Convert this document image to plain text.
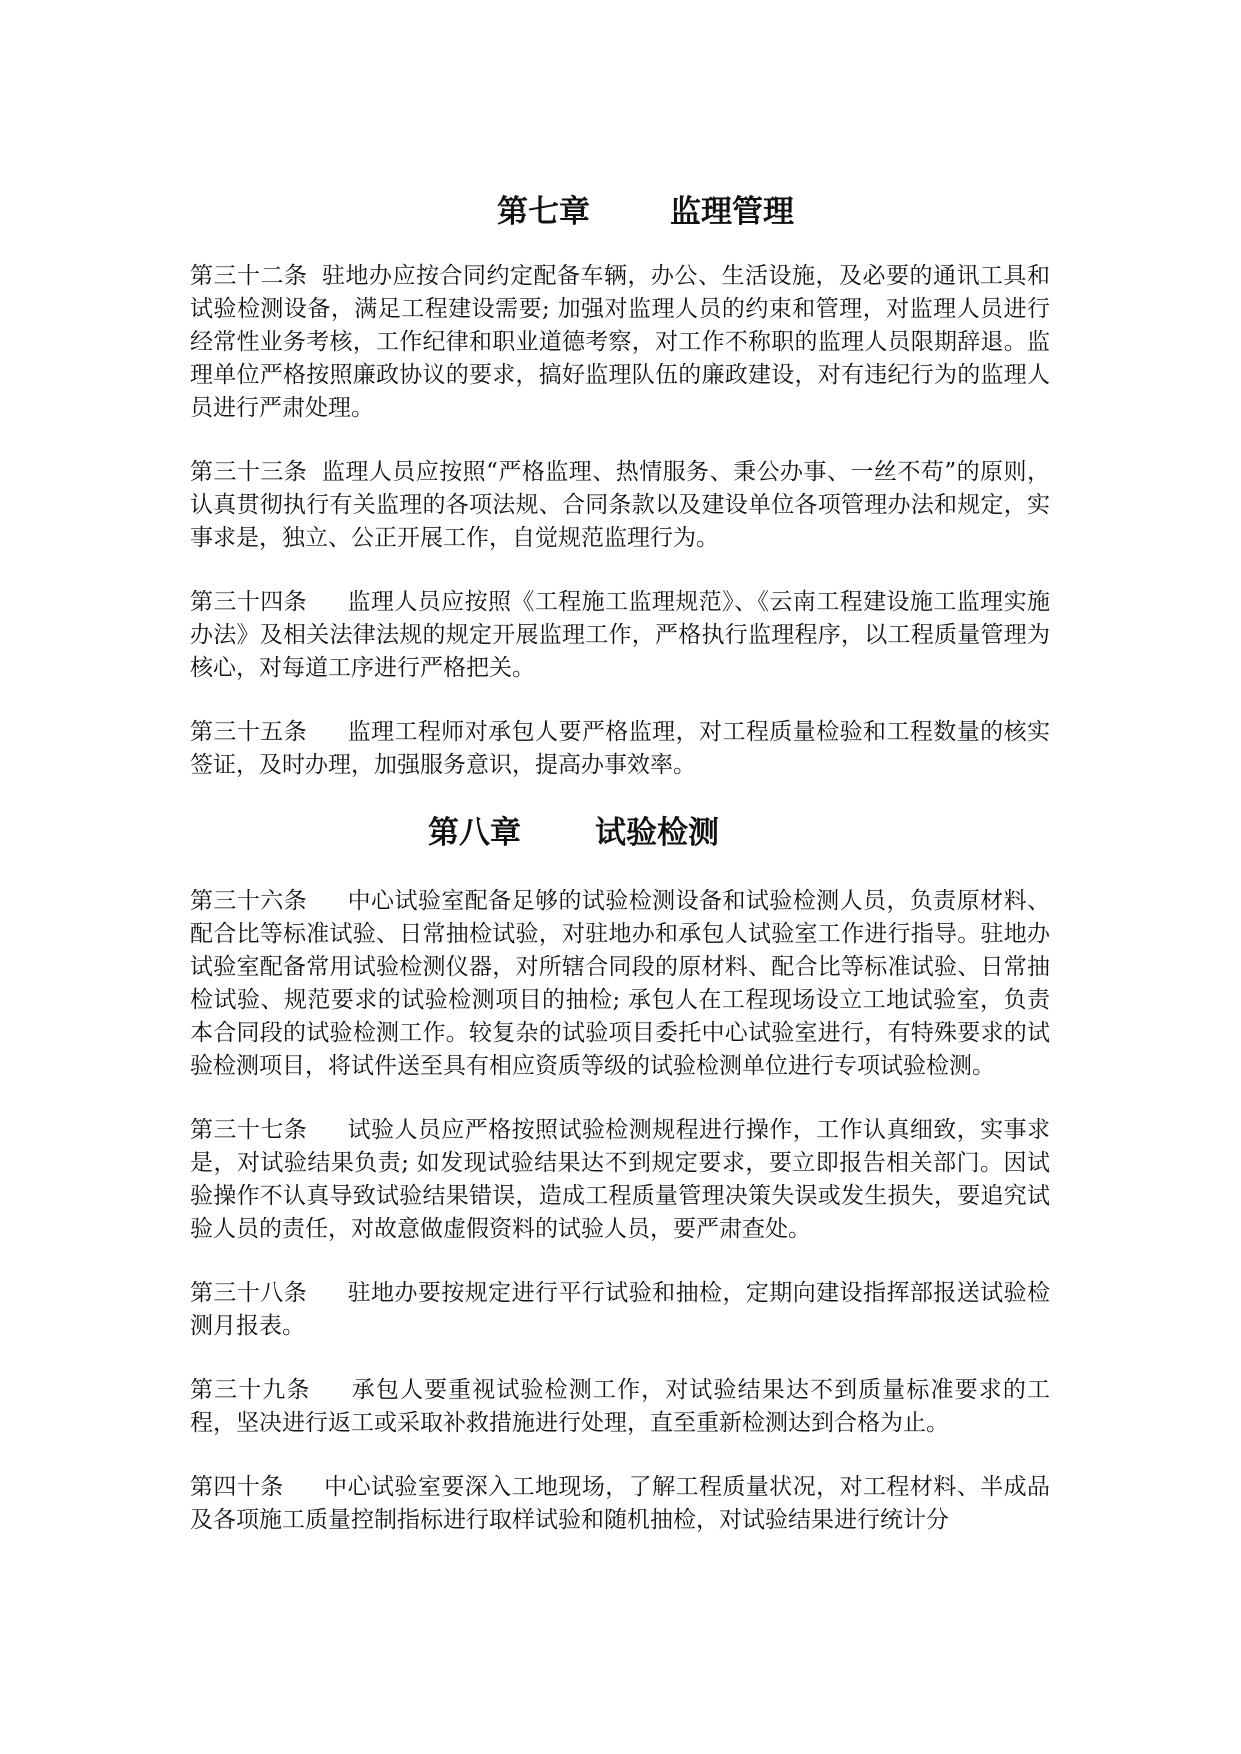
第七章	监理管理

第三十二条 驻地办应按合同约定配备车辆，办公、生活设施，及必要的通讯工具和试验检测设备，满足工程建设需要; 加强对监理人员的约束和管理，对监理人员进行经常性业务考核，工作纪律和职业道德考察，对工作不称职的监理人员限期辞退。监理单位严格按照廉政协议的要求，搞好监理队伍的廉政建设，对有违纪行为的监理人员进行严肃处理。

第三十三条 监理人员应按照“严格监理、热情服务、秉公办事、一丝不苟”的原则，认真贯彻执行有关监理的各项法规、合同条款以及建设单位各项管理办法和规定，实事求是，独立、公正开展工作，自觉规范监理行为。

第三十四条 监理人员应按照《工程施工监理规范》、《云南工程建设施工监理实施办法》及相关法律法规的规定开展监理工作，严格执行监理程序，以工程质量管理为核心，对每道工序进行严格把关。

第三十五条 监理工程师对承包人要严格监理，对工程质量检验和工程数量的核实签证，及时办理，加强服务意识，提高办事效率。

第八章 试验检测

第三十六条 中心试验室配备足够的试验检测设备和试验检测人员，负责原材料、配合比等标准试验、日常抽检试验，对驻地办和承包人试验室工作进行指导。驻地办试验室配备常用试验检测仪器，对所辖合同段的原材料、配合比等标准试验、日常抽检试验、规范要求的试验检测项目的抽检; 承包人在工程现场设立工地试验室，负责本合同段的试验检测工作。较复杂的试验项目委托中心试验室进行，有特殊要求的试验检测项目，将试件送至具有相应资质等级的试验检测单位进行专项试验检测。

第三十七条 试验人员应严格按照试验检测规程进行操作，工作认真细致，实事求是，对试验结果负责; 如发现试验结果达不到规定要求，要立即报告相关部门。因试验操作不认真导致试验结果错误，造成工程质量管理决策失误或发生损失，要追究试验人员的责任，对故意做虚假资料的试验人员，要严肃查处。

第三十八条 驻地办要按规定进行平行试验和抽检，定期向建设指挥部报送试验检测月报表。

第三十九条 承包人要重视试验检测工作，对试验结果达不到质量标准要求的工程，坚决进行返工或采取补救措施进行处理，直至重新检测达到合格为止。

第四十条 中心试验室要深入工地现场，了解工程质量状况，对工程材料、半成品及各项施工质量控制指标进行取样试验和随机抽检，对试验结果进行统计分
